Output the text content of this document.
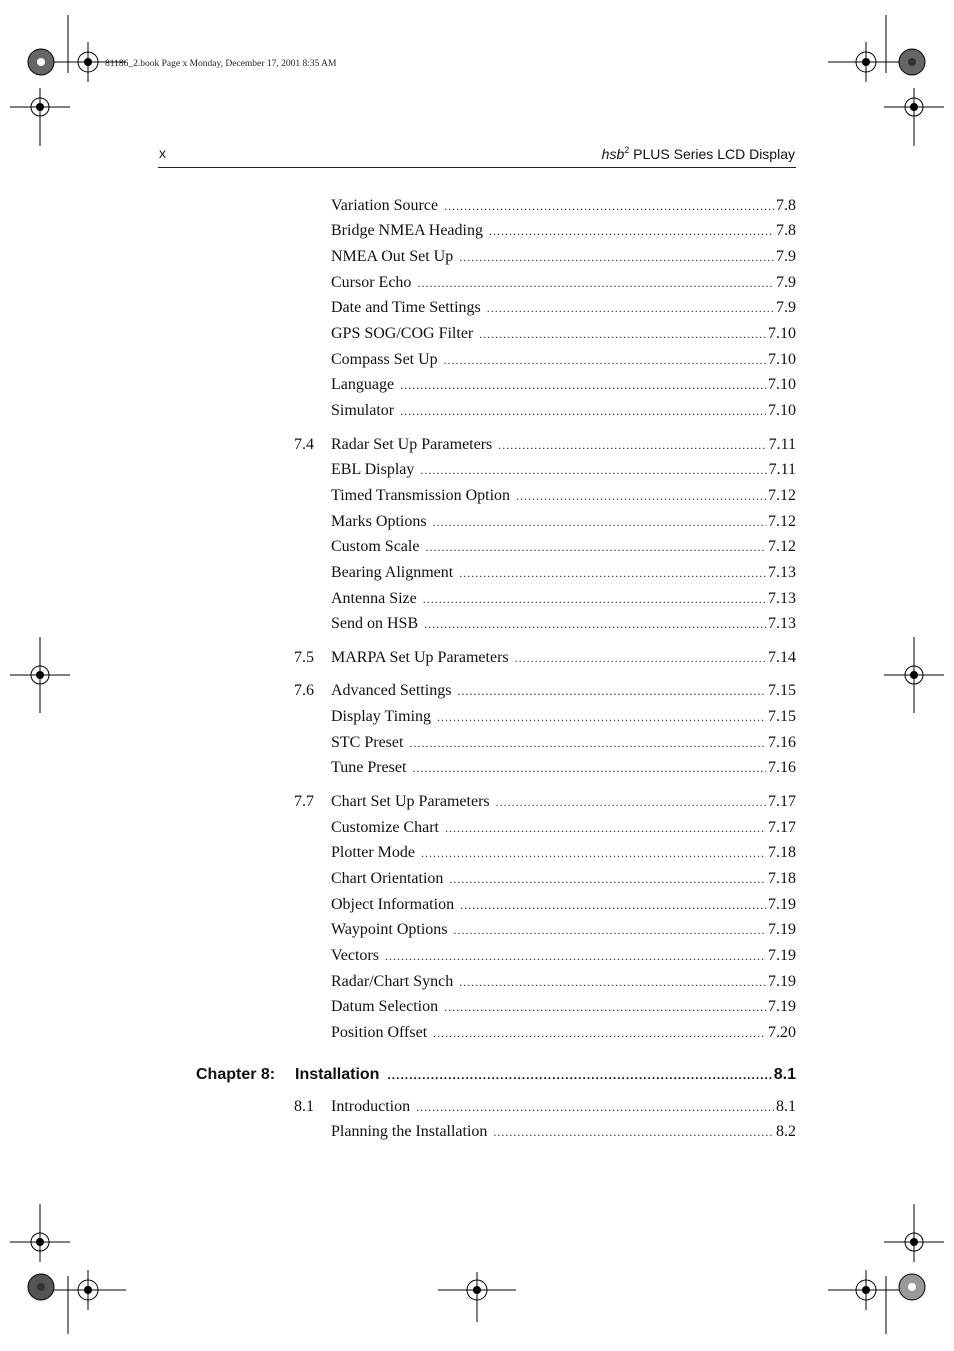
81186_2.book Page x Monday, December 17, 2001 8:35 AM
x	hsb$^2$ PLUS Series LCD Display
Variation Source .....	7.8
Bridge NMEA Heading .....	7.8
NMEA Out Set Up .....	7.9
Cursor Echo .....	7.9
Date and Time Settings .....	7.9
GPS SOG/COG Filter .....	7.10
Compass Set Up .....	7.10
Language .....	7.10
Simulator .....	7.10
7.4 Radar Set Up Parameters .....	7.11
EBL Display .....	7.11
Timed Transmission Option .....	7.12
Marks Options .....	7.12
Custom Scale .....	7.12
Bearing Alignment .....	7.13
Antenna Size .....	7.13
Send on HSB .....	7.13
7.5 MARPA Set Up Parameters .....	7.14
7.6 Advanced Settings .....	7.15
Display Timing .....	7.15
STC Preset .....	7.16
Tune Preset .....	7.16
7.7 Chart Set Up Parameters .....	7.17
Customize Chart .....	7.17
Plotter Mode .....	7.18
Chart Orientation .....	7.18
Object Information .....	7.19
Waypoint Options .....	7.19
Vectors .....	7.19
Radar/Chart Synch .....	7.19
Datum Selection .....	7.19
Position Offset .....	7.20
Chapter 8: Installation .....	8.1
8.1 Introduction .....	8.1
Planning the Installation .....	8.2
